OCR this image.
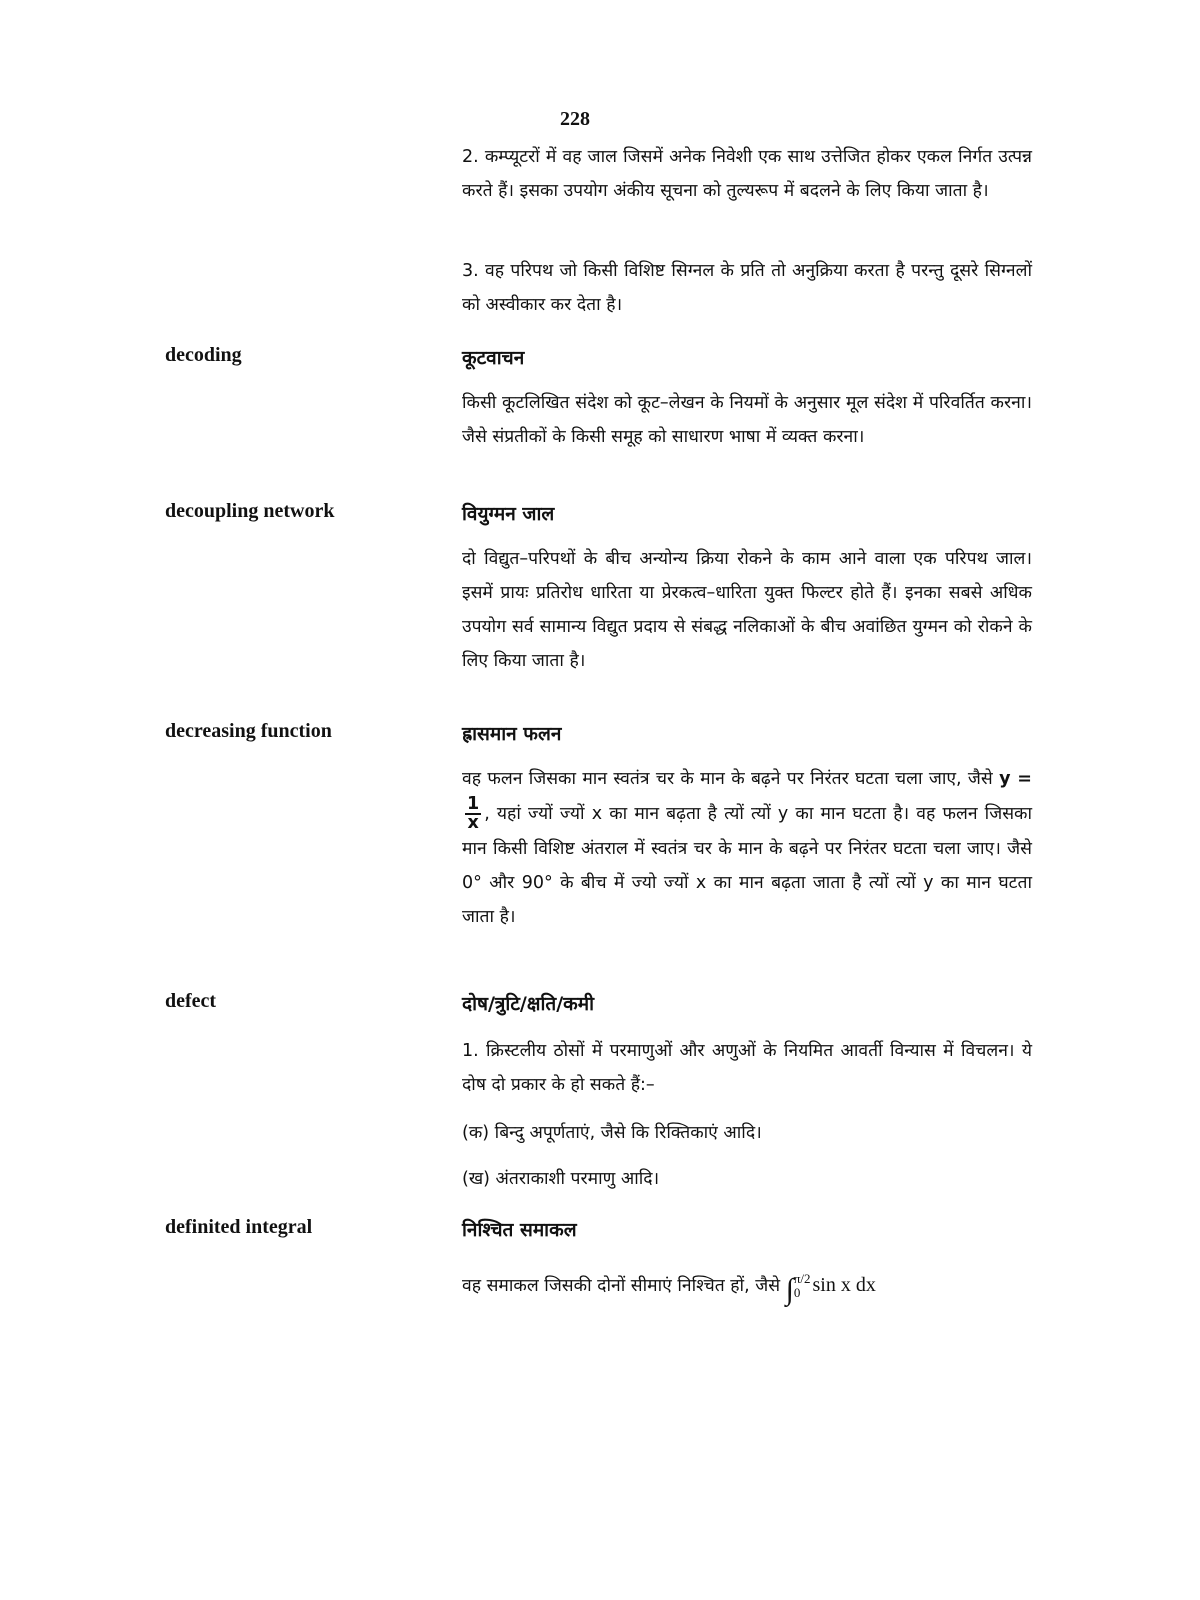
228

2. कम्प्यूटरों में वह जाल जिसमें अनेक निवेशी एक साथ उत्तेजित होकर एकल निर्गत उत्पन्न करते हैं। इसका उपयोग अंकीय सूचना को तुल्यरूप में बदलने के लिए किया जाता है।

3. वह परिपथ जो किसी विशिष्ट सिग्नल के प्रति तो अनुक्रिया करता है परन्तु दूसरे सिग्नलों को अस्वीकार कर देता है।

decoding	कूटवाचन

किसी कूटलिखित संदेश को कूट–लेखन के नियमों के अनुसार मूल संदेश में परिवर्तित करना। जैसे संप्रतीकों के किसी समूह को साधारण भाषा में व्यक्त करना।

decoupling network	वियुग्मन जाल

दो विद्युत–परिपथों के बीच अन्योन्य क्रिया रोकने के काम आने वाला एक परिपथ जाल। इसमें प्रायः प्रतिरोध धारिता या प्रेरकत्व–धारिता युक्त फिल्टर होते हैं। इनका सबसे अधिक उपयोग सर्व सामान्य विद्युत प्रदाय से संबद्ध नलिकाओं के बीच अवांछित युग्मन को रोकने के लिए किया जाता है।

decreasing function	ह्रासमान फलन

वह फलन जिसका मान स्वतंत्र चर के मान के बढ़ने पर निरंतर घटता चला जाए, जैसे y =
$\frac{1}{x}$ , यहां ज्यों ज्यों x का मान बढ़ता है त्यों त्यों y का मान घटता है। वह फलन जिसका मान किसी विशिष्ट अंतराल में स्वतंत्र चर के मान के बढ़ने पर निरंतर घटता चला जाए। जैसे 0° और 90° के बीच में ज्यो ज्यों x का मान बढ़ता जाता है त्यों त्यों y का मान घटता जाता है।

defect	दोष/त्रुटि/क्षति/कमी

1. क्रिस्टलीय ठोसों में परमाणुओं और अणुओं के नियमित आवर्ती विन्यास में विचलन। ये दोष दो प्रकार के हो सकते हैं:–

(क) बिन्दु अपूर्णताएं, जैसे कि रिक्तिकाएं आदि।

(ख) अंतराकाशी परमाणु आदि।

definited integral	निश्चित समाकल

वह समाकल जिसकी दोनों सीमाएं निश्चित हों, जैसे ∫ π/2
0 sin x dx
